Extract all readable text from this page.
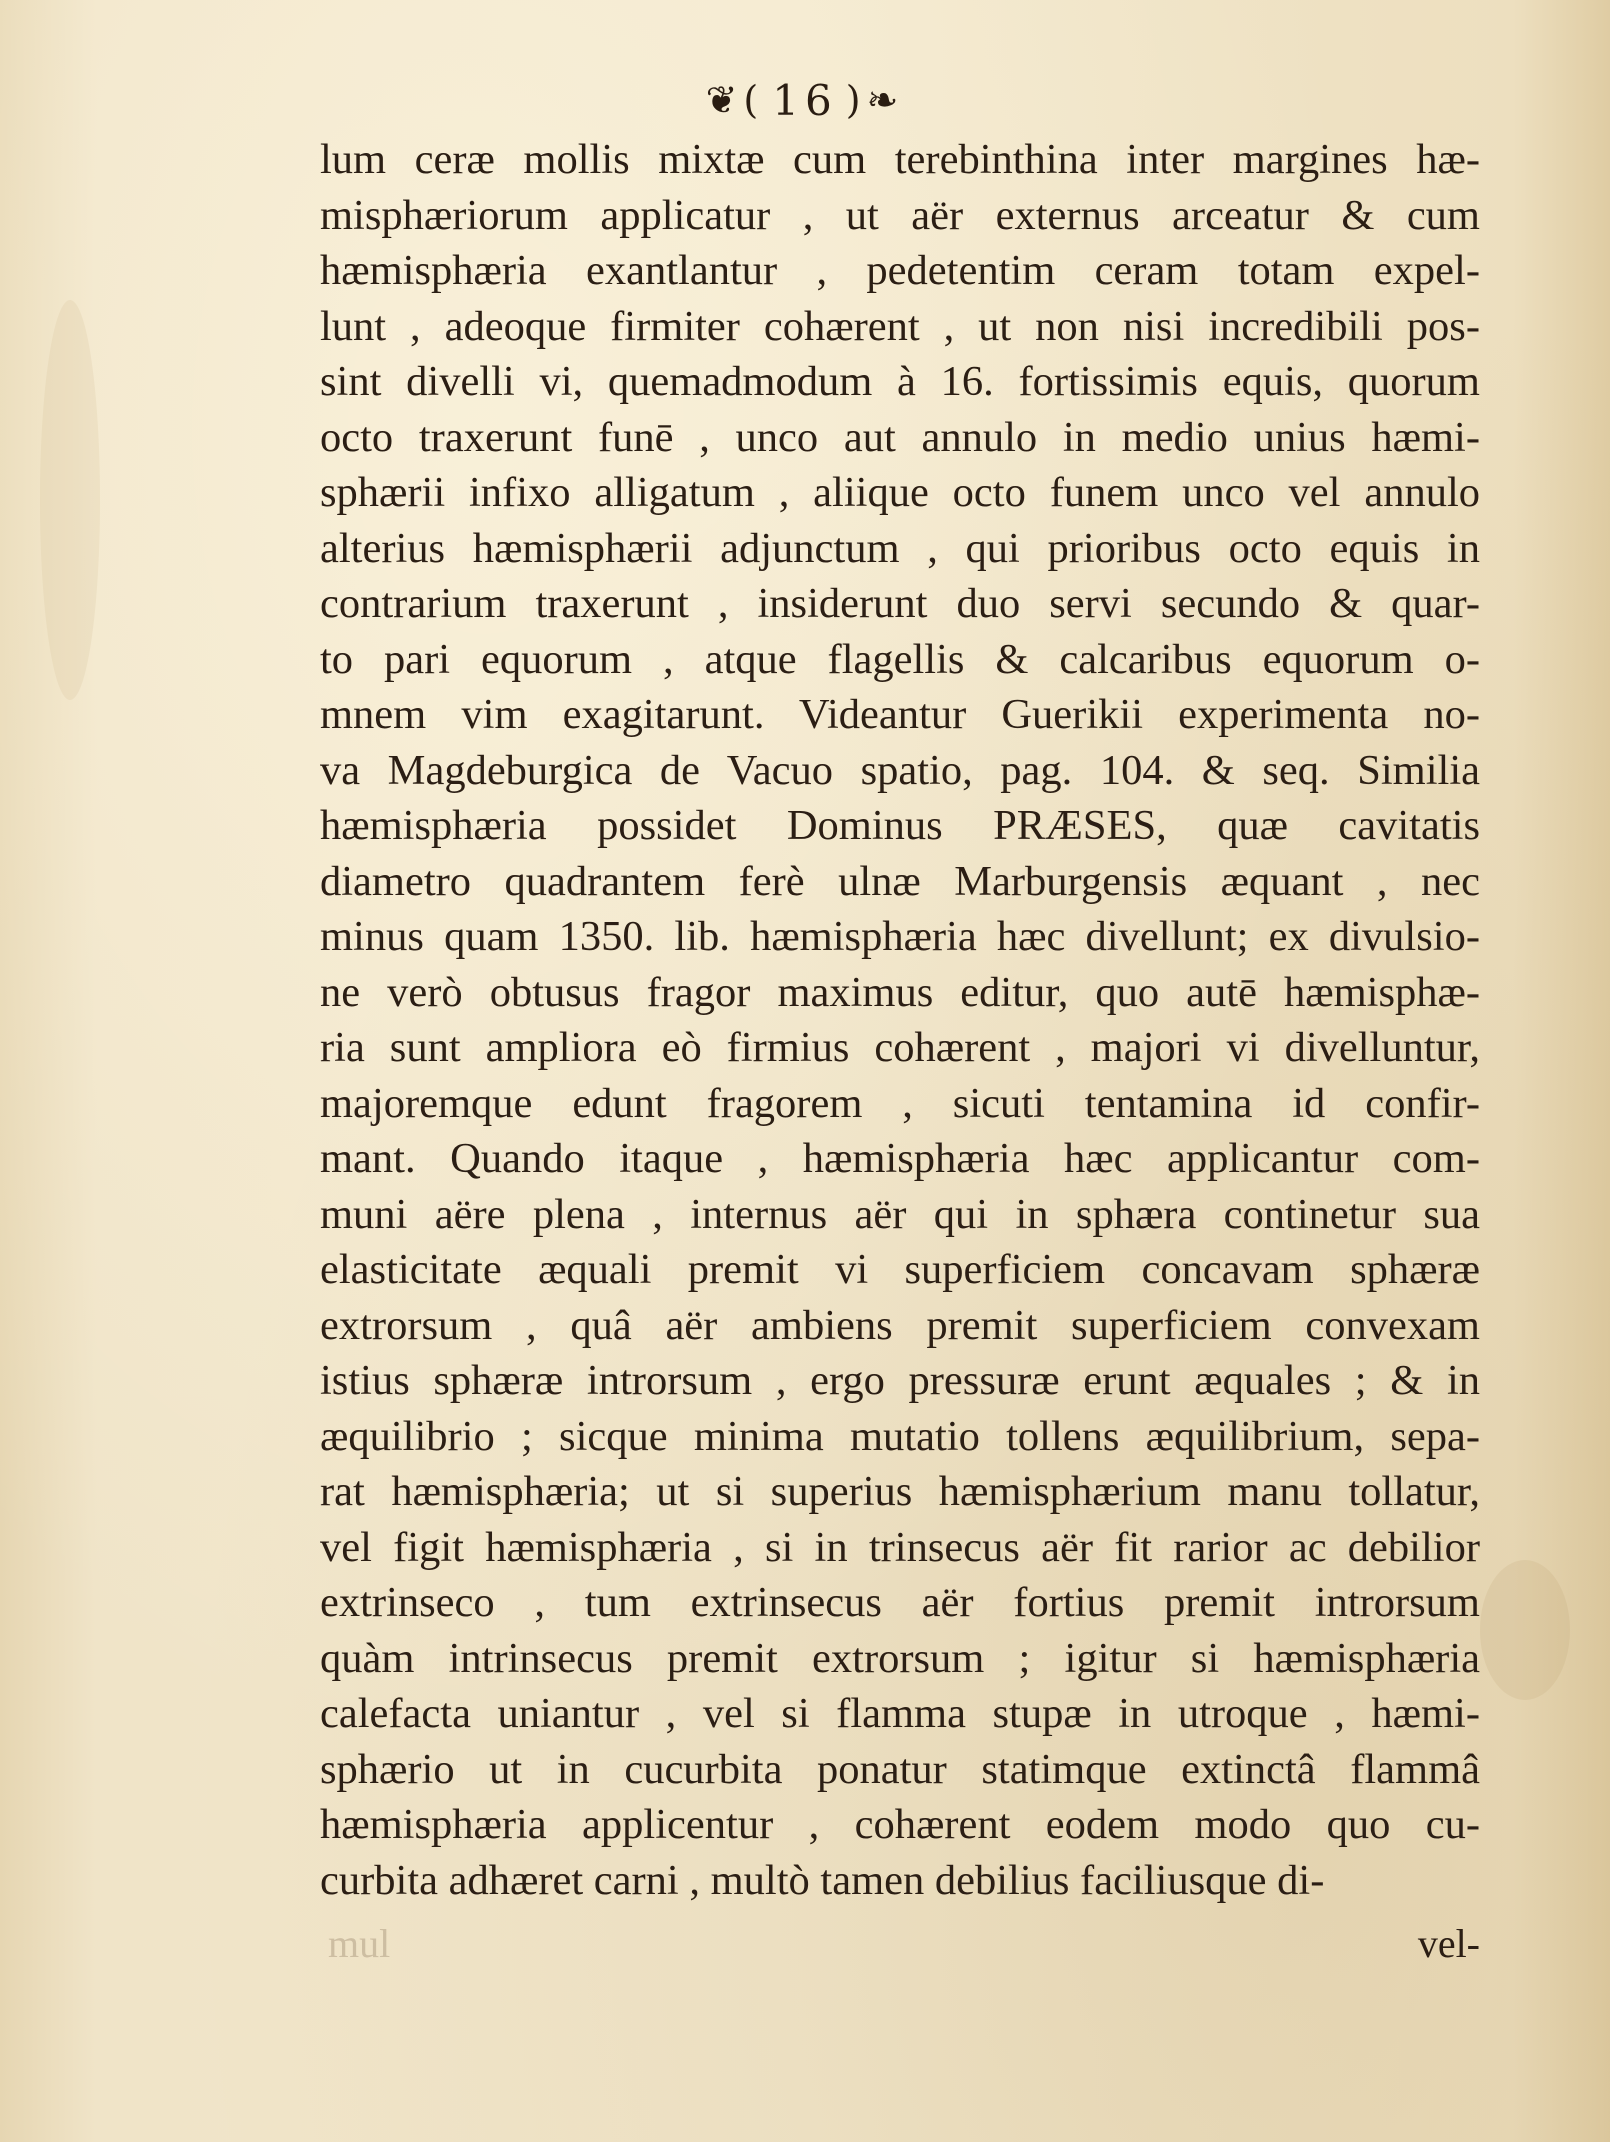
❦( 16 )❧
lum ceræ mollis mixtæ cum terebinthina inter margines hæ-
misphæriorum applicatur , ut aër externus arceatur & cum
hæmisphæria exantlantur , pedetentim ceram totam expel-
lunt , adeoque firmiter cohærent , ut non nisi incredibili pos-
sint divelli vi, quemadmodum à 16. fortissimis equis, quorum
octo traxerunt funē , unco aut annulo in medio unius hæmi-
sphærii infixo alligatum , aliique octo funem unco vel annulo
alterius hæmisphærii adjunctum , qui prioribus octo equis in
contrarium traxerunt , insiderunt duo servi secundo & quar-
to pari equorum , atque flagellis & calcaribus equorum o-
mnem vim exagitarunt. Videantur Guerikii experimenta no-
va Magdeburgica de Vacuo spatio, pag. 104. & seq. Similia
hæmisphæria possidet Dominus PRÆSES, quæ cavitatis
diametro quadrantem ferè ulnæ Marburgensis æquant , nec
minus quam 1350. lib. hæmisphæria hæc divellunt; ex divulsio-
ne verò obtusus fragor maximus editur, quo autē hæmisphæ-
ria sunt ampliora eò firmius cohærent , majori vi divelluntur,
majoremque edunt fragorem , sicuti tentamina id confir-
mant. Quando itaque , hæmisphæria hæc applicantur com-
muni aëre plena , internus aër qui in sphæra continetur sua
elasticitate æquali premit vi superficiem concavam sphæræ
extrorsum , quâ aër ambiens premit superficiem convexam
istius sphæræ introrsum , ergo pressuræ erunt æquales ; & in
æquilibrio ; sicque minima mutatio tollens æquilibrium, sepa-
rat hæmisphæria; ut si superius hæmisphærium manu tollatur,
vel figit hæmisphæria , si in trinsecus aër fit rarior ac debilior
extrinseco , tum extrinsecus aër fortius premit introrsum
quàm intrinsecus premit extrorsum ; igitur si hæmisphæria
calefacta uniantur , vel si flamma stupæ in utroque , hæmi-
sphærio ut in cucurbita ponatur statimque extinctâ flammâ
hæmisphæria applicentur , cohærent eodem modo quo cu-
curbita adhæret carni , multò tamen debilius faciliusque di-
mul	vel-
